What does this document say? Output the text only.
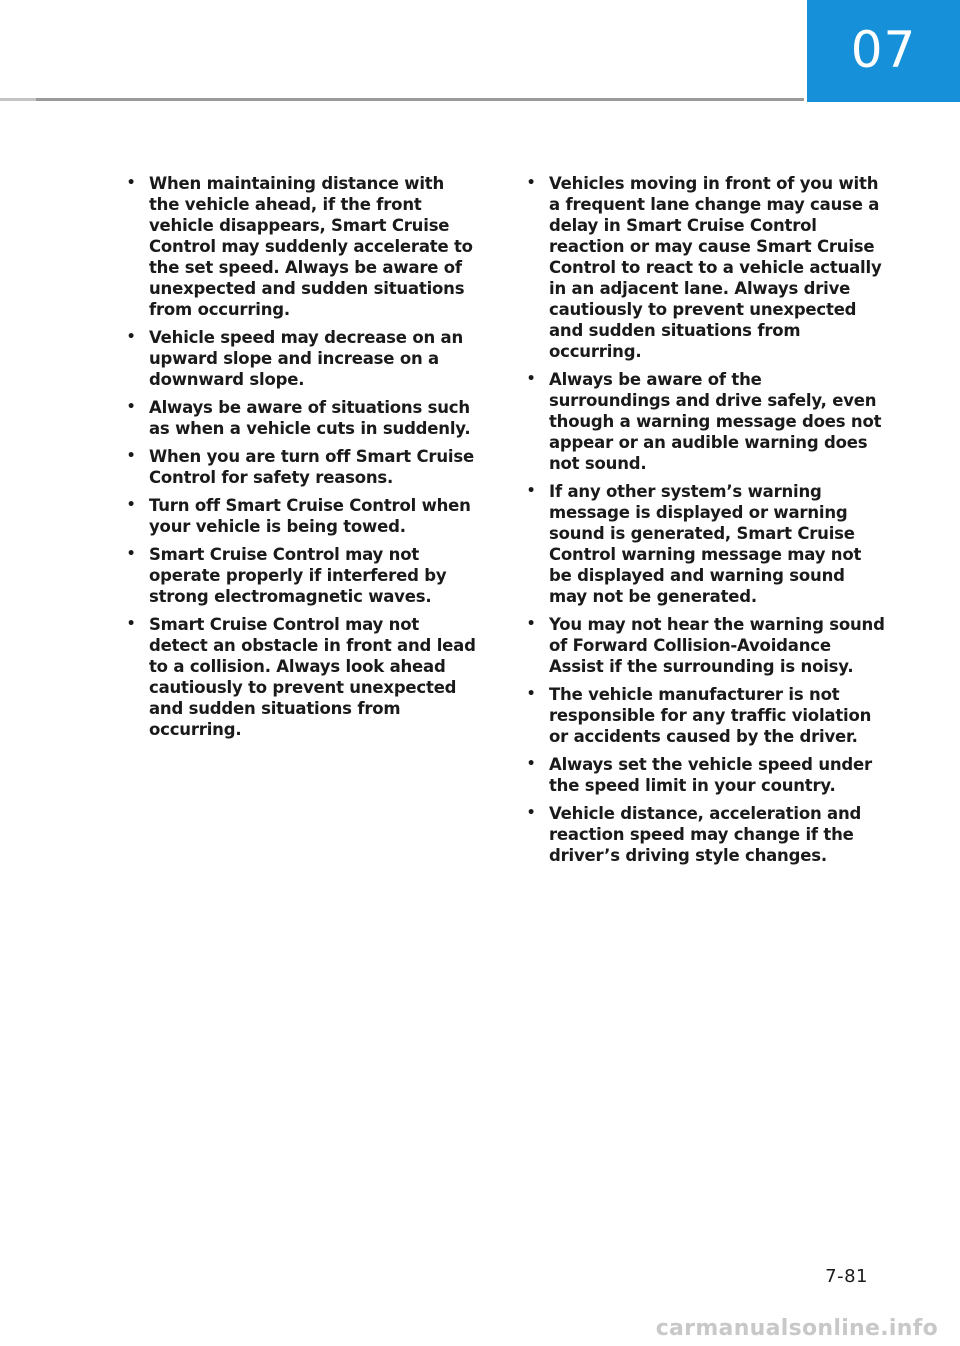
07
• When maintaining distance with the vehicle ahead, if the front vehicle disappears, Smart Cruise Control may suddenly accelerate to the set speed. Always be aware of unexpected and sudden situations from occurring.
• Vehicle speed may decrease on an upward slope and increase on a downward slope.
• Always be aware of situations such as when a vehicle cuts in suddenly.
• When you are turn off Smart Cruise Control for safety reasons.
• Turn off Smart Cruise Control when your vehicle is being towed.
• Smart Cruise Control may not operate properly if interfered by strong electromagnetic waves.
• Smart Cruise Control may not detect an obstacle in front and lead to a collision. Always look ahead cautiously to prevent unexpected and sudden situations from occurring.
• Vehicles moving in front of you with a frequent lane change may cause a delay in Smart Cruise Control reaction or may cause Smart Cruise Control to react to a vehicle actually in an adjacent lane. Always drive cautiously to prevent unexpected and sudden situations from occurring.
• Always be aware of the surroundings and drive safely, even though a warning message does not appear or an audible warning does not sound.
• If any other system’s warning message is displayed or warning sound is generated, Smart Cruise Control warning message may not be displayed and warning sound may not be generated.
• You may not hear the warning sound of Forward Collision-Avoidance Assist if the surrounding is noisy.
• The vehicle manufacturer is not responsible for any traffic violation or accidents caused by the driver.
• Always set the vehicle speed under the speed limit in your country.
• Vehicle distance, acceleration and reaction speed may change if the driver’s driving style changes.
7-81
carmanualsonline.info
